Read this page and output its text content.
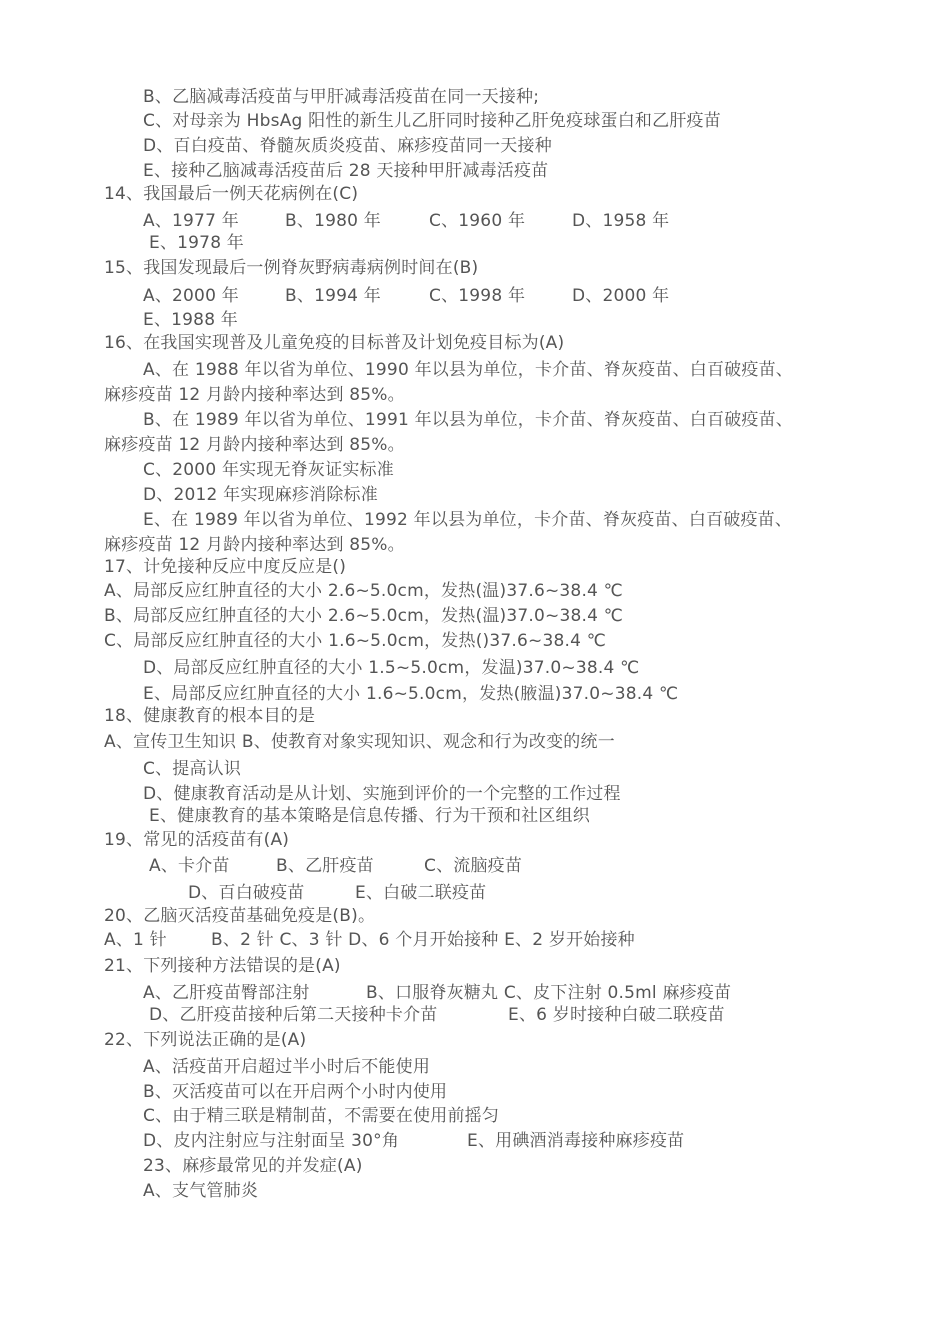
B、乙脑减毒活疫苗与甲肝减毒活疫苗在同一天接种;
C、对母亲为 HbsAg 阳性的新生儿乙肝同时接种乙肝免疫球蛋白和乙肝疫苗
D、百白疫苗、脊髓灰质炎疫苗、麻疹疫苗同一天接种
E、接种乙脑减毒活疫苗后 28 天接种甲肝减毒活疫苗
14、我国最后一例天花病例在(C)
A、1977 年	B、1980 年	C、1960 年	D、1958 年
E、1978 年
15、我国发现最后一例脊灰野病毒病例时间在(B)
A、2000 年	B、1994 年	C、1998 年	D、2000 年
E、1988 年
16、在我国实现普及儿童免疫的目标普及计划免疫目标为(A)
A、在 1988 年以省为单位、1990 年以县为单位，卡介苗、脊灰疫苗、白百破疫苗、
麻疹疫苗 12 月龄内接种率达到 85%。
B、在 1989 年以省为单位、1991 年以县为单位，卡介苗、脊灰疫苗、白百破疫苗、
麻疹疫苗 12 月龄内接种率达到 85%。
C、2000 年实现无脊灰证实标准
D、2012 年实现麻疹消除标准
E、在 1989 年以省为单位、1992 年以县为单位，卡介苗、脊灰疫苗、白百破疫苗、
麻疹疫苗 12 月龄内接种率达到 85%。
17、计免接种反应中度反应是()
A、局部反应红肿直径的大小 2.6~5.0cm，发热(温)37.6~38.4 ℃
B、局部反应红肿直径的大小 2.6~5.0cm，发热(温)37.0~38.4 ℃
C、局部反应红肿直径的大小 1.6~5.0cm，发热()37.6~38.4 ℃
D、局部反应红肿直径的大小 1.5~5.0cm，发温)37.0~38.4 ℃
E、局部反应红肿直径的大小 1.6~5.0cm，发热(腋温)37.0~38.4 ℃
18、健康教育的根本目的是
A、宣传卫生知识 B、使教育对象实现知识、观念和行为改变的统一
C、提高认识
D、健康教育活动是从计划、实施到评价的一个完整的工作过程
E、健康教育的基本策略是信息传播、行为干预和社区组织
19、常见的活疫苗有(A)
A、卡介苗	B、乙肝疫苗	C、流脑疫苗
D、百白破疫苗	E、白破二联疫苗
20、乙脑灭活疫苗基础免疫是(B)。
A、1 针	B、2 针 C、3 针 D、6 个月开始接种 E、2 岁开始接种
21、下列接种方法错误的是(A)
A、乙肝疫苗臀部注射	B、口服脊灰糖丸 C、皮下注射 0.5ml 麻疹疫苗
D、乙肝疫苗接种后第二天接种卡介苗	E、6 岁时接种白破二联疫苗
22、下列说法正确的是(A)
A、活疫苗开启超过半小时后不能使用
B、灭活疫苗可以在开启两个小时内使用
C、由于精三联是精制苗，不需要在使用前摇匀
D、皮内注射应与注射面呈 30°角	E、用碘酒消毒接种麻疹疫苗
23、麻疹最常见的并发症(A)
A、支气管肺炎
